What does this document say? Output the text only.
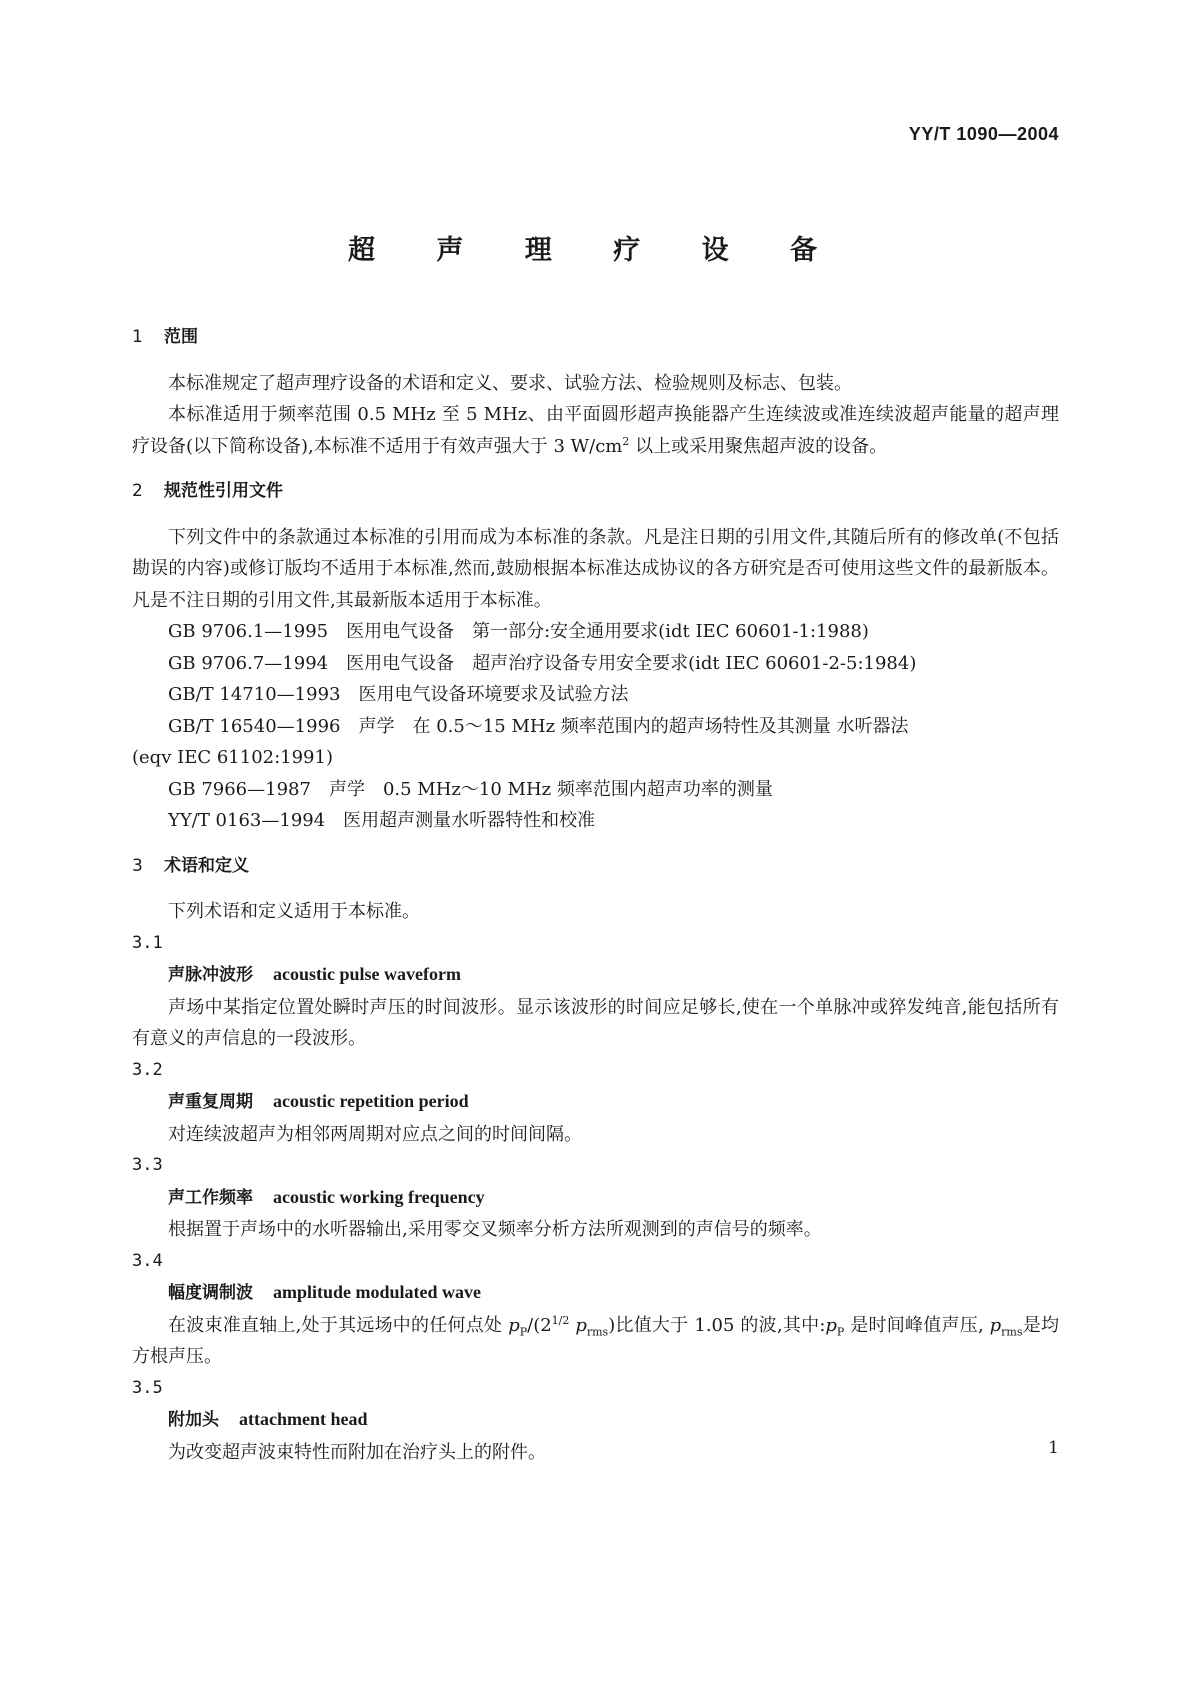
YY/T 1090—2004
超 声 理 疗 设 备

1 范围

本标准规定了超声理疗设备的术语和定义、要求、试验方法、检验规则及标志、包装。

本标准适用于频率范围 0.5 MHz 至 5 MHz、由平面圆形超声换能器产生连续波或准连续波超声能量的超声理疗设备(以下简称设备),本标准不适用于有效声强大于 3 $W/cm^2$ 以上或采用聚焦超声波的设备。

2 规范性引用文件

下列文件中的条款通过本标准的引用而成为本标准的条款。凡是注日期的引用文件,其随后所有的修改单(不包括勘误的内容)或修订版均不适用于本标准,然而,鼓励根据本标准达成协议的各方研究是否可使用这些文件的最新版本。凡是不注日期的引用文件,其最新版本适用于本标准。

GB 9706.1—1995　医用电气设备　第一部分:安全通用要求(idt IEC 60601-1:1988)

GB 9706.7—1994　医用电气设备　超声治疗设备专用安全要求(idt IEC 60601-2-5:1984)

GB/T 14710—1993　医用电气设备环境要求及试验方法

GB/T 16540—1996　声学　在 0.5～15 MHz 频率范围内的超声场特性及其测量 水听器法

(eqv IEC 61102:1991)

GB 7966—1987　声学　0.5 MHz～10 MHz 频率范围内超声功率的测量

YY/T 0163—1994　医用超声测量水听器特性和校准

3 术语和定义

下列术语和定义适用于本标准。

3.1

声脉冲波形 acoustic pulse waveform

声场中某指定位置处瞬时声压的时间波形。显示该波形的时间应足够长,使在一个单脉冲或猝发纯音,能包括所有有意义的声信息的一段波形。

3.2

声重复周期 acoustic repetition period

对连续波超声为相邻两周期对应点之间的时间间隔。

3.3

声工作频率 acoustic working frequency

根据置于声场中的水听器输出,采用零交叉频率分析方法所观测到的声信号的频率。

3.4

幅度调制波 amplitude modulated wave

在波束准直轴上,处于其远场中的任何点处 $p_P/(2^{1/2}$ $p_{rms}$)比值大于 1.05 的波,其中$:p_P$ 是时间峰值声压, $p_{rms}$是均方根声压。

3.5

附加头 attachment head

为改变超声波束特性而附加在治疗头上的附件。	1
